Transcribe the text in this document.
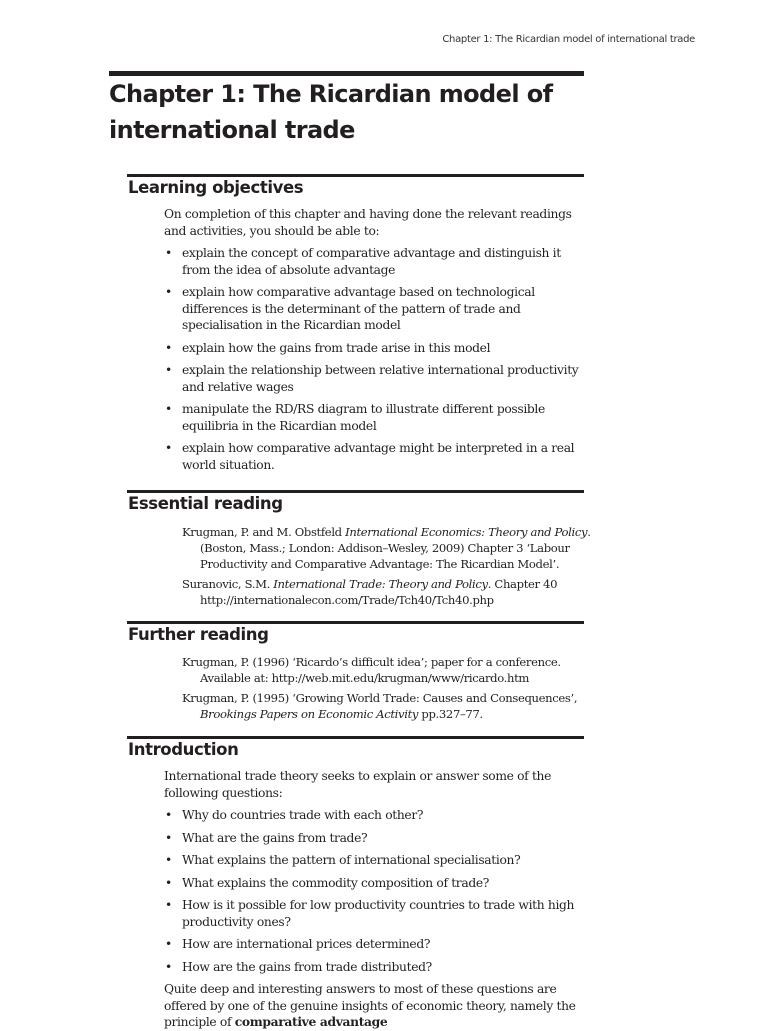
Chapter 1: The Ricardian model of international trade
Chapter 1: The Ricardian model of
international trade
Learning objectives

On completion of this chapter and having done the relevant readings and activities, you should be able to:

• explain the concept of comparative advantage and distinguish it from the idea of absolute advantage
• explain how comparative advantage based on technological differences is the determinant of the pattern of trade and specialisation in the Ricardian model
• explain how the gains from trade arise in this model
• explain the relationship between relative international productivity and relative wages
• manipulate the RD/RS diagram to illustrate different possible equilibria in the Ricardian model
• explain how comparative advantage might be interpreted in a real world situation.
Essential reading
Krugman, P. and M. Obstfeld International Economics: Theory and Policy. (Boston, Mass.; London: Addison–Wesley, 2009) Chapter 3 ‘Labour Productivity and Comparative Advantage: The Ricardian Model’.
Suranovic, S.M. International Trade: Theory and Policy. Chapter 40 http://internationalecon.com/Trade/Tch40/Tch40.php
Further reading
Krugman, P. (1996) ‘Ricardo’s difficult idea’; paper for a conference. Available at: http://web.mit.edu/krugman/www/ricardo.htm
Krugman, P. (1995) ‘Growing World Trade: Causes and Consequences’, Brookings Papers on Economic Activity pp.327–77.
Introduction

International trade theory seeks to explain or answer some of the following questions:

• Why do countries trade with each other?
• What are the gains from trade?
• What explains the pattern of international specialisation?
• What explains the commodity composition of trade?
• How is it possible for low productivity countries to trade with high productivity ones?
• How are international prices determined?
• How are the gains from trade distributed?

Quite deep and interesting answers to most of these questions are offered by one of the genuine insights of economic theory, namely the principle of comparative advantage
